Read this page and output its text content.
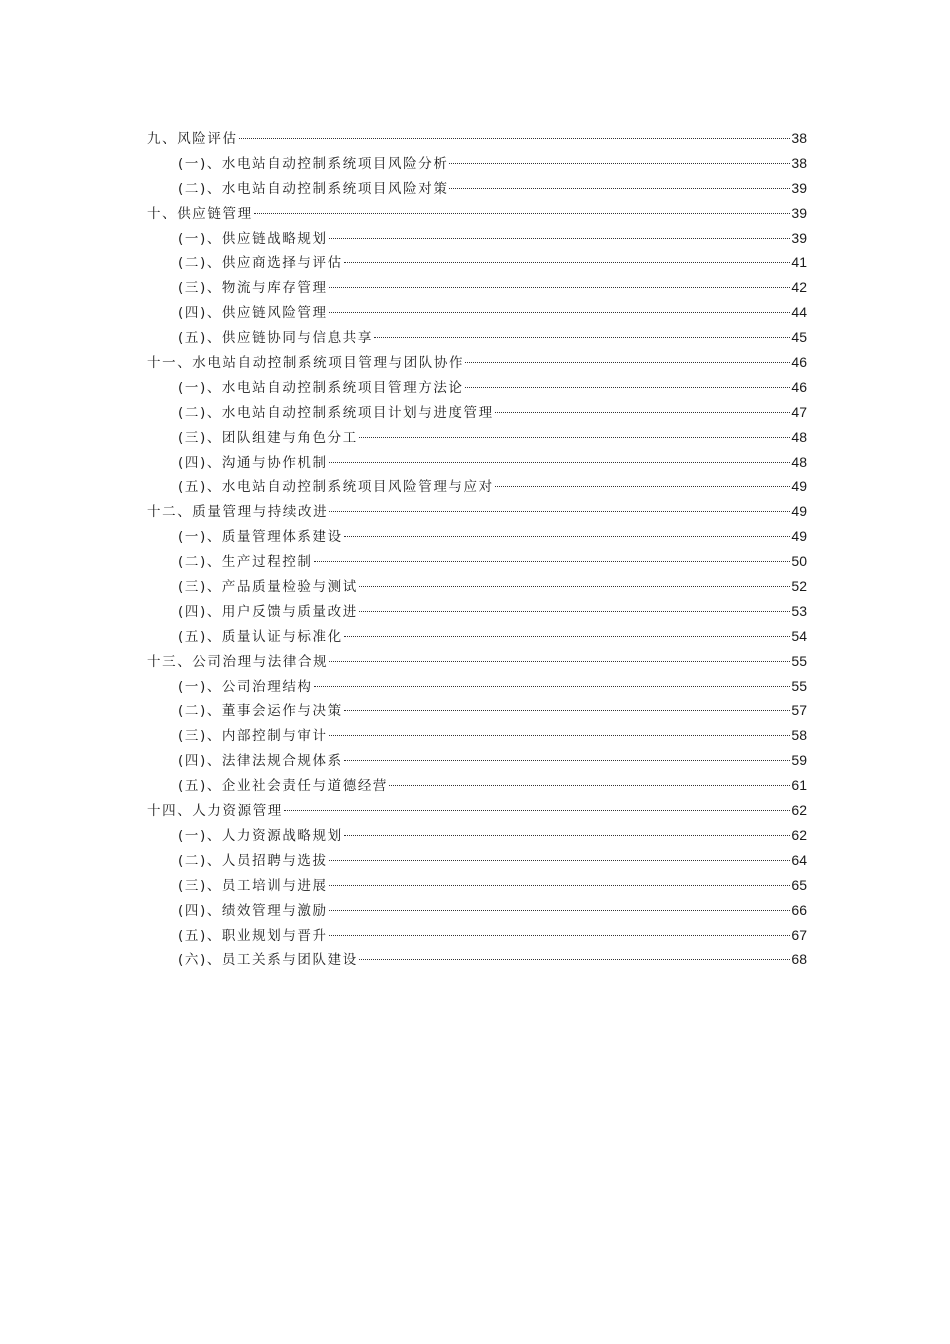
九、风险评估	38
(一)、水电站自动控制系统项目风险分析	38
(二)、水电站自动控制系统项目风险对策	39
十、供应链管理	39
(一)、供应链战略规划	39
(二)、供应商选择与评估	41
(三)、物流与库存管理	42
(四)、供应链风险管理	44
(五)、供应链协同与信息共享	45
十一、水电站自动控制系统项目管理与团队协作	46
(一)、水电站自动控制系统项目管理方法论	46
(二)、水电站自动控制系统项目计划与进度管理	47
(三)、团队组建与角色分工	48
(四)、沟通与协作机制	48
(五)、水电站自动控制系统项目风险管理与应对	49
十二、质量管理与持续改进	49
(一)、质量管理体系建设	49
(二)、生产过程控制	50
(三)、产品质量检验与测试	52
(四)、用户反馈与质量改进	53
(五)、质量认证与标准化	54
十三、公司治理与法律合规	55
(一)、公司治理结构	55
(二)、董事会运作与决策	57
(三)、内部控制与审计	58
(四)、法律法规合规体系	59
(五)、企业社会责任与道德经营	61
十四、人力资源管理	62
(一)、人力资源战略规划	62
(二)、人员招聘与选拔	64
(三)、员工培训与进展	65
(四)、绩效管理与激励	66
(五)、职业规划与晋升	67
(六)、员工关系与团队建设	68
